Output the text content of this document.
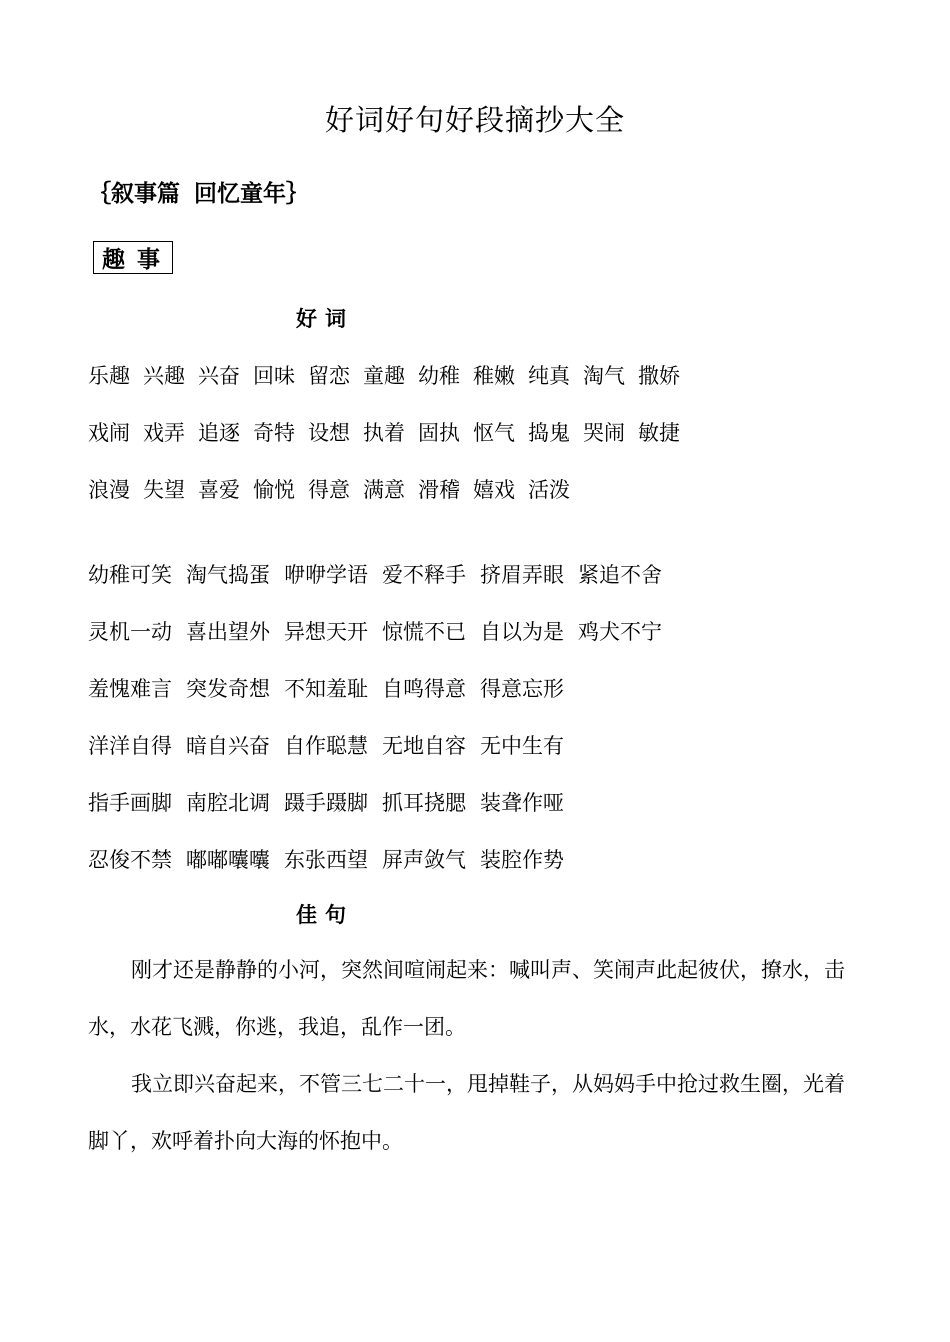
好词好句好段摘抄大全
｛叙事篇 回忆童年｝
趣事
好词
乐趣 兴趣 兴奋 回味 留恋 童趣 幼稚 稚嫩 纯真 淘气 撒娇
戏闹 戏弄 追逐 奇特 设想 执着 固执 怄气 捣鬼 哭闹 敏捷
浪漫 失望 喜爱 愉悦 得意 满意 滑稽 嬉戏 活泼
幼稚可笑 淘气捣蛋 咿咿学语 爱不释手 挤眉弄眼 紧追不舍
灵机一动 喜出望外 异想天开 惊慌不已 自以为是 鸡犬不宁
羞愧难言 突发奇想 不知羞耻 自鸣得意 得意忘形
洋洋自得 暗自兴奋 自作聪慧 无地自容 无中生有
指手画脚 南腔北调 蹑手蹑脚 抓耳挠腮 装聋作哑
忍俊不禁 嘟嘟囔囔 东张西望 屏声敛气 装腔作势
佳句

刚才还是静静的小河，突然间喧闹起来：喊叫声、笑闹声此起彼伏，撩水，击水，水花飞溅，你逃，我追，乱作一团。

我立即兴奋起来，不管三七二十一，甩掉鞋子，从妈妈手中抢过救生圈，光着脚丫，欢呼着扑向大海的怀抱中。
